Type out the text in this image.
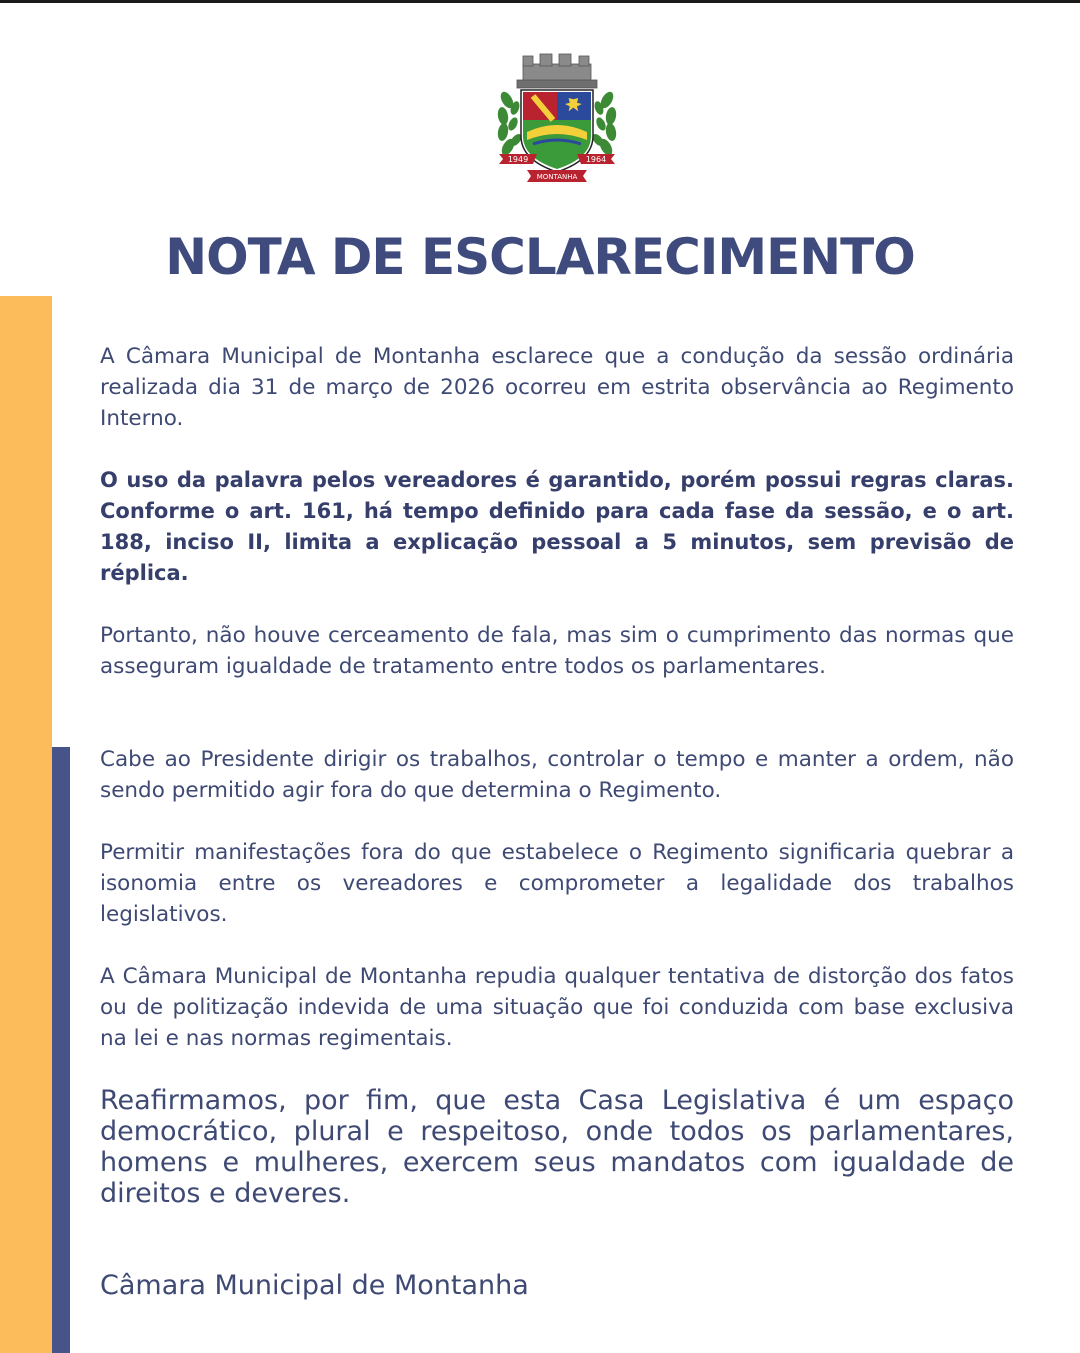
1949	1964
MONTANHA
NOTA DE ESCLARECIMENTO

A Câmara Municipal de Montanha esclarece que a condução da sessão ordinária realizada dia 31 de março de 2026 ocorreu em estrita observância ao Regimento Interno.

O uso da palavra pelos vereadores é garantido, porém possui regras claras. Conforme o art. 161, há tempo definido para cada fase da sessão, e o art. 188, inciso II, limita a explicação pessoal a 5 minutos, sem previsão de réplica.

Portanto, não houve cerceamento de fala, mas sim o cumprimento das normas que asseguram igualdade de tratamento entre todos os parlamentares.

Cabe ao Presidente dirigir os trabalhos, controlar o tempo e manter a ordem, não sendo permitido agir fora do que determina o Regimento.

Permitir manifestações fora do que estabelece o Regimento significaria quebrar a isonomia entre os vereadores e comprometer a legalidade dos trabalhos legislativos.

A Câmara Municipal de Montanha repudia qualquer tentativa de distorção dos fatos ou de politização indevida de uma situação que foi conduzida com base exclusiva na lei e nas normas regimentais.

Reafirmamos, por fim, que esta Casa Legislativa é um espaço democrático, plural e respeitoso, onde todos os parlamentares, homens e mulheres, exercem seus mandatos com igualdade de direitos e deveres.

Câmara Municipal de Montanha
